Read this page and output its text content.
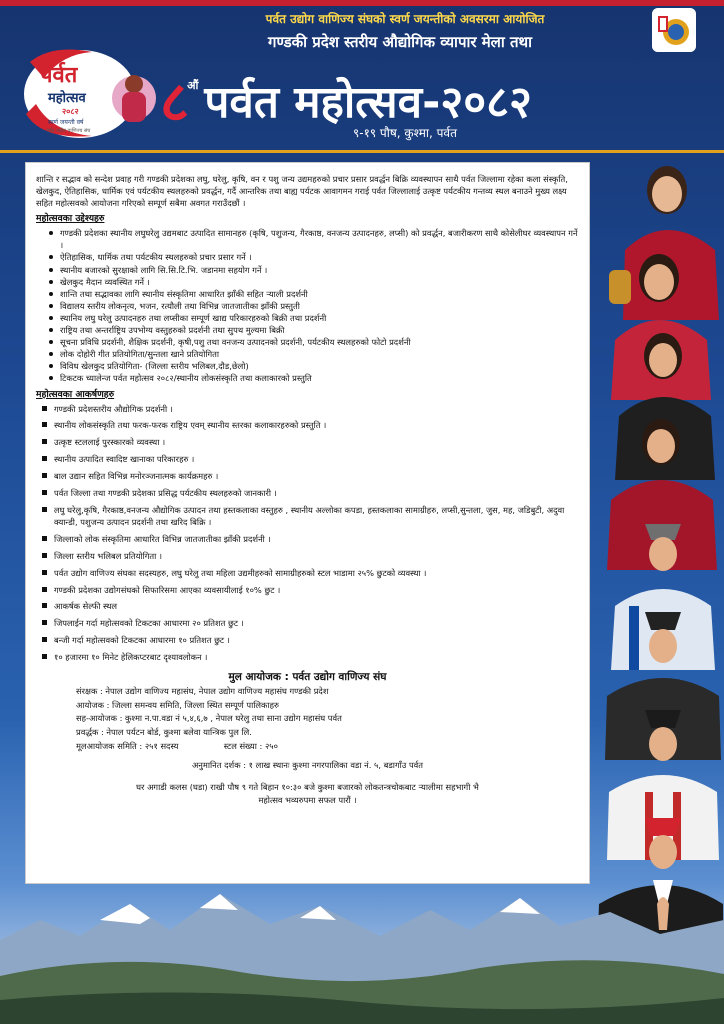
पर्वत
महोत्सव
२०८२
स्वर्ण जयन्ती वर्ष
पर्वत उद्योग वाणिज्य संघ
पर्वत उद्योग वाणिज्य संघको स्वर्ण जयन्तीको अवसरमा आयोजित
गण्डकी प्रदेश स्तरीय औद्योगिक व्यापार मेला तथा
$८^{औं}$ पर्वत महोत्सव-२०८२
९-१९ पौष, कुश्मा, पर्वत

शान्ति र सद्भाव को सन्देश प्रवाह गरी गण्डकी प्रदेशका लघु, घरेलु, कृषि, वन र पशु जन्य उद्यमहरुको प्रचार प्रसार प्रवर्द्धन बिक्रि व्यवस्थापन साथै पर्वत जिल्लामा रहेका कला संस्कृति, खेलकुद, ऐतिहासिक, धार्मिक एवं पर्यटकीय स्थलहरुको प्रवर्द्धन, गर्दै आन्तरिक तथा बाह्य पर्यटक आवागमन गराई पर्वत जिल्लालाई उत्कृष्ट पर्यटकीय गन्तव्य स्थल बनाउने मुख्य लक्ष्य सहित महोत्सवको आयोजना गरिएको सम्पूर्ण सबैमा अवगत गराउँदछौं ।

महोत्सवका उद्देश्यहरु
गण्डकी प्रदेशका स्थानीय लघुघरेलु उद्यमबाट उत्पादित सामानहरु (कृषि, पशुजन्य, गैरकाष्ठ, वनजन्य उत्पादनहरु, लप्सी) को प्रवर्द्धन, बजारीकरण साथै कोसेलीघर व्यवस्थापन गर्ने ।
ऐतिहासिक, धार्मिक तथा पर्यटकीय स्थलहरुको प्रचार प्रसार गर्ने ।
स्थानीय बजारको सुरक्षाको लागि सि.सि.टि.भि. जडानमा सहयोग गर्ने ।
खेलकुद मैदान व्यवस्थित गर्ने ।
शान्ति तथा सद्भावका लागि स्थानीय संस्कृतिमा आधारित झाँकी सहित र्‍याली प्रदर्शनी
विद्यालय स्तरीय लोकनृत्य, भजन, रत्यौली तथा विभिन्न जातजातीका झाँकी प्रस्तुती
स्थानिय लघु घरेलु उत्पादनहरु तथा लप्सीका सम्पूर्ण खाद्य परिकारहरुको बिक्री तथा प्रदर्शनी
राष्ट्रिय तथा अन्तर्राष्ट्रिय उपभोग्य वस्तुहरुको प्रदर्शनी तथा सुपथ मुल्यमा बिक्री
सूचना प्रविधि प्रदर्शनी, शैक्षिक प्रदर्शनी, कृषी,पशु तथा वनजन्य उत्पादनको प्रदर्शनी, पर्यटकीय स्थलहरुको फोटो प्रदर्शनी
लोक दोहोरी गीत प्रतियोगिता/सुन्तला खाने प्रतियोगिता
विविध खेलकुद प्रतियोगिता- (जिल्ला स्तरीय भलिबल,दौड,छेलो)
टिकटक च्यालेन्ज पर्वत महोत्सव २०८२/स्थानीय लोकसंस्कृति तथा कलाकारको प्रस्तुति
महोत्सवका आकर्षणहरु
गण्डकी प्रदेशस्तरीय औद्योगिक प्रदर्शनी ।
स्थानीय लोकसंस्कृति तथा फरक-फरक राष्ट्रिय एवम् स्थानीय स्तरका कलाकारहरुको प्रस्तुति ।
उत्कृष्ट स्टललाई पुरस्कारको व्यवस्था ।
स्थानीय उत्पादित स्वादिष्ट खानाका परिकारहरु ।
बाल उद्यान सहित विभिन्न मनोरञ्जनात्मक कार्यक्रमहरु ।
पर्वत जिल्ला तथा गण्डकी प्रदेशका प्रसिद्ध पर्यटकीय स्थलहरुको जानकारी ।
लघु घरेलु,कृषि, गैरकाष्ठ,वनजन्य औद्योगिक उत्पादन तथा हस्तकलाका वस्तुहरु , स्थानीय अल्लोका कपडा, हस्तकलाका सामाग्रीहरु, लप्सी,सुन्तला, जुस, मह, जडिबुटी, अदुवा क्यान्डी, पशुजन्य उत्पादन प्रदर्शनी तथा खरिद बिक्रि ।
जिल्लाको लोक संस्कृतिमा आधारित विभिन्न जातजातीका झाँकी प्रदर्शनी ।
जिल्ला स्तरीय भलिबल प्रतियोगिता ।
पर्वत उद्योग वाणिज्य संघका सदस्यहरु, लघु घरेलु तथा महिला उद्यमीहरुको सामाग्रीहरुको स्टल भाडामा २५% छुटको व्यवस्था ।
गण्डकी प्रदेशका उद्योगसंघको सिफारिसमा आएका व्यवसायीलाई १०% छुट ।
आकर्षक सेल्फी स्थल
जिपलाईन गर्दा महोत्सवको टिकटका आधारमा २० प्रतिशत छुट ।
बन्जी गर्दा महोत्सवको टिकटका आधारमा १० प्रतिशत छुट ।
१० हजारमा १० मिनेट हेलिकप्टरबाट दृश्यावलोकन ।
मुल आयोजक : पर्वत उद्योग वाणिज्य संघ
संरक्षक : नेपाल उद्योग वाणिज्य महासंघ, नेपाल उद्योग वाणिज्य महासंघ गण्डकी प्रदेश
आयोजक : जिल्ला समन्वय समिति, जिल्ला स्थित सम्पूर्ण पालिकाहरु
सह-आयोजक : कुश्मा न.पा.वडा नं ५,४,६,७ , नेपाल घरेलु तथा साना उद्योग महासंघ पर्वत
प्रवर्द्धक : नेपाल पर्यटन बोर्ड, कुश्मा बलेवा यान्त्रिक पुल लि.
मूलआयोजक समिति : २५१ सदस्य	स्टल संख्या : २५०
अनुमानित दर्शक : १ लाख स्थानः कुश्मा नगरपालिका वडा नं. ५, बडागाँउ पर्वत
घर अगाडी कलस (घडा) राखी पौष ९ गते बिहान १०:३० बजे कुश्मा बजारको लोकतन्त्रचोकबाट र्‍यालीमा सहभागी भै
महोत्सव भव्यरुपमा सफल पारौं ।
